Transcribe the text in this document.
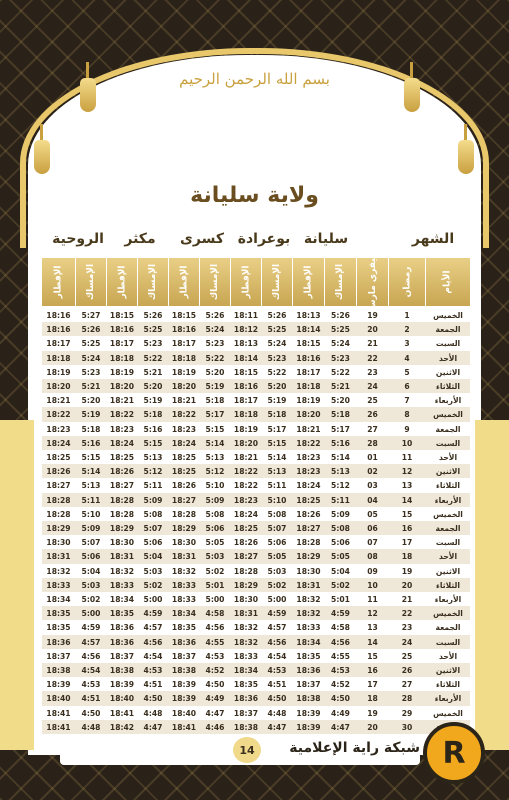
بسم الله الرحمن الرحيم
ولاية سليانة
الشهر
سليانة
بوعرادة
كسرى
مكثر
الروحية
الأيام
رمضان
فيفري مارس
الإمساك
الإفطار
الإمساك
الإفطار
الإمساك
الإفطار
الإمساك
الإفطار
الإمساك
الإفطار
الخميس
1
19
5:26
18:13
5:26
18:11
5:26
18:15
5:26
18:15
5:27
18:16
الجمعة
2
20
5:25
18:14
5:25
18:12
5:24
18:16
5:25
18:16
5:26
18:16
السبت
3
21
5:24
18:15
5:24
18:13
5:23
18:17
5:23
18:17
5:25
18:17
الأحد
4
22
5:23
18:16
5:23
18:14
5:22
18:18
5:22
18:18
5:24
18:18
الاثنين
5
23
5:22
18:17
5:22
18:15
5:20
18:19
5:21
18:19
5:23
18:19
الثلاثاء
6
24
5:21
18:18
5:20
18:16
5:19
18:20
5:20
18:20
5:21
18:20
الأربعاء
7
25
5:20
18:19
5:19
18:17
5:18
18:21
5:19
18:21
5:20
18:21
الخميس
8
26
5:18
18:20
5:18
18:18
5:17
18:22
5:18
18:22
5:19
18:22
الجمعة
9
27
5:17
18:21
5:17
18:19
5:15
18:23
5:16
18:23
5:18
18:23
السبت
10
28
5:16
18:22
5:15
18:20
5:14
18:24
5:15
18:24
5:16
18:24
الأحد
11
01
5:14
18:23
5:14
18:21
5:13
18:25
5:13
18:25
5:15
18:25
الاثنين
12
02
5:13
18:23
5:13
18:22
5:12
18:25
5:12
18:26
5:14
18:26
الثلاثاء
13
03
5:12
18:24
5:11
18:22
5:10
18:26
5:11
18:27
5:13
18:27
الأربعاء
14
04
5:11
18:25
5:10
18:23
5:09
18:27
5:09
18:28
5:11
18:28
الخميس
15
05
5:09
18:26
5:08
18:24
5:08
18:28
5:08
18:28
5:10
18:28
الجمعة
16
06
5:08
18:27
5:07
18:25
5:06
18:29
5:07
18:29
5:09
18:29
السبت
17
07
5:06
18:28
5:06
18:26
5:05
18:30
5:06
18:30
5:07
18:30
الأحد
18
08
5:05
18:29
5:05
18:27
5:03
18:31
5:04
18:31
5:06
18:31
الاثنين
19
09
5:04
18:30
5:03
18:28
5:02
18:32
5:03
18:32
5:04
18:32
الثلاثاء
20
10
5:02
18:31
5:02
18:29
5:01
18:33
5:02
18:33
5:03
18:33
الأربعاء
21
11
5:01
18:32
5:00
18:30
5:00
18:33
5:00
18:34
5:02
18:34
الخميس
22
12
4:59
18:32
4:59
18:31
4:58
18:34
4:59
18:35
5:00
18:35
الجمعة
23
13
4:58
18:33
4:57
18:32
4:56
18:35
4:57
18:36
4:59
18:35
السبت
24
14
4:56
18:34
4:56
18:32
4:55
18:36
4:56
18:36
4:57
18:36
الأحد
25
15
4:55
18:35
4:54
18:33
4:53
18:37
4:54
18:37
4:56
18:37
الاثنين
26
16
4:53
18:36
4:53
18:34
4:52
18:38
4:53
18:38
4:54
18:38
الثلاثاء
27
17
4:52
18:37
4:51
18:35
4:50
18:39
4:51
18:39
4:53
18:39
الأربعاء
28
18
4:50
18:38
4:50
18:36
4:49
18:39
4:50
18:40
4:51
18:40
الخميس
29
19
4:49
18:39
4:48
18:37
4:47
18:40
4:48
18:41
4:50
18:41
30
20
4:47
18:39
4:47
18:38
4:46
18:41
4:47
18:42
4:48
18:41
14	شبكة راية الإعلامية R
